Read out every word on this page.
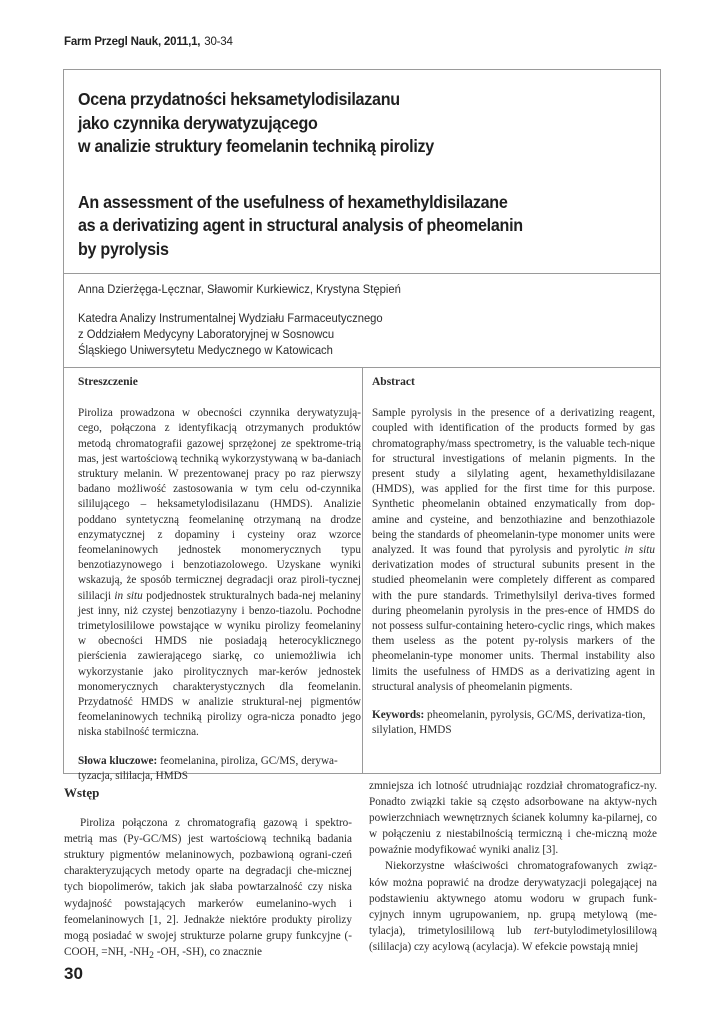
Farm Przegl Nauk, 2011,1, 30-34
Ocena przydatności heksametylodisilazanu
jako czynnika derywatyzującego
w analizie struktury feomelanin techniką pirolizy
An assessment of the usefulness of hexamethyldisilazane
as a derivatizing agent in structural analysis of pheomelanin
by pyrolysis
Anna Dzierżęga-Lęcznar, Sławomir Kurkiewicz, Krystyna Stępień
Katedra Analizy Instrumentalnej Wydziału Farmaceutycznego
z Oddziałem Medycyny Laboratoryjnej w Sosnowcu
Śląskiego Uniwersytetu Medycznego w Katowicach
Streszczenie

Piroliza prowadzona w obecności czynnika derywatyzują-cego, połączona z identyfikacją otrzymanych produktów metodą chromatografii gazowej sprzężonej ze spektrome-trią mas, jest wartościową techniką wykorzystywaną w ba-daniach struktury melanin. W prezentowanej pracy po raz pierwszy badano możliwość zastosowania w tym celu od-czynnika sililującego – heksametylodisilazanu (HMDS). Analizie poddano syntetyczną feomelaninę otrzymaną na drodze enzymatycznej z dopaminy i cysteiny oraz wzorce feomelaninowych jednostek monomerycznych typu benzotiazynowego i benzotiazolowego. Uzyskane wyniki wskazują, że sposób termicznej degradacji oraz piroli-tycznej sililacji in situ podjednostek strukturalnych bada-nej melaniny jest inny, niż czystej benzotiazyny i benzo-tiazolu. Pochodne trimetylosililowe powstające w wyniku pirolizy feomelaniny w obecności HMDS nie posiadają heterocyklicznego pierścienia zawierającego siarkę, co uniemożliwia ich wykorzystanie jako pirolitycznych mar-kerów jednostek monomerycznych charakterystycznych dla feomelanin. Przydatność HMDS w analizie struktural-nej pigmentów feomelaninowych techniką pirolizy ogra-nicza ponadto jego niska stabilność termiczna.

Słowa kluczowe: feomelanina, piroliza, GC/MS, derywa-tyzacja, sililacja, HMDS

Abstract

Sample pyrolysis in the presence of a derivatizing reagent, coupled with identification of the products formed by gas chromatography/mass spectrometry, is the valuable tech-nique for structural investigations of melanin pigments. In the present study a silylating agent, hexamethyldisilazane (HMDS), was applied for the first time for this purpose. Synthetic pheomelanin obtained enzymatically from dop-amine and cysteine, and benzothiazine and benzothiazole being the standards of pheomelanin-type monomer units were analyzed. It was found that pyrolysis and pyrolytic in situ derivatization modes of structural subunits present in the studied pheomelanin were completely different as compared with the pure standards. Trimethylsilyl deriva-tives formed during pheomelanin pyrolysis in the pres-ence of HMDS do not possess sulfur-containing hetero-cyclic rings, which makes them useless as the potent py-rolysis markers of the pheomelanin-type monomer units. Thermal instability also limits the usefulness of HMDS as a derivatizing agent in structural analysis of pheomelanin pigments.

Keywords: pheomelanin, pyrolysis, GC/MS, derivatiza-tion, silylation, HMDS

Wstęp

Piroliza połączona z chromatografią gazową i spektro-metrią mas (Py-GC/MS) jest wartościową techniką badania struktury pigmentów melaninowych, pozbawioną ograni-czeń charakteryzujących metody oparte na degradacji che-micznej tych biopolimerów, takich jak słaba powtarzalność czy niska wydajność powstających markerów eumelanino-wych i feomelaninowych [1, 2]. Jednakże niektóre produkty pirolizy mogą posiadać w swojej strukturze polarne grupy funkcyjne (-COOH, =NH, $-NH_2$ -OH, -SH), co znacznie

zmniejsza ich lotność utrudniając rozdział chromatograficz-ny. Ponadto związki takie są często adsorbowane na aktyw-nych powierzchniach wewnętrznych ścianek kolumny ka-pilarnej, co w połączeniu z niestabilnością termiczną i che-miczną może powaźnie modyfikować wyniki analiz [3].

Niekorzystne właściwości chromatografowanych związ-ków można poprawić na drodze derywatyzacji polegającej na podstawieniu aktywnego atomu wodoru w grupach funk-cyjnych innym ugrupowaniem, np. grupą metylową (me-tylacja), trimetylosililową lub tert-butylodimetylosililową (sililacja) czy acylową (acylacja). W efekcie powstają mniej

30
